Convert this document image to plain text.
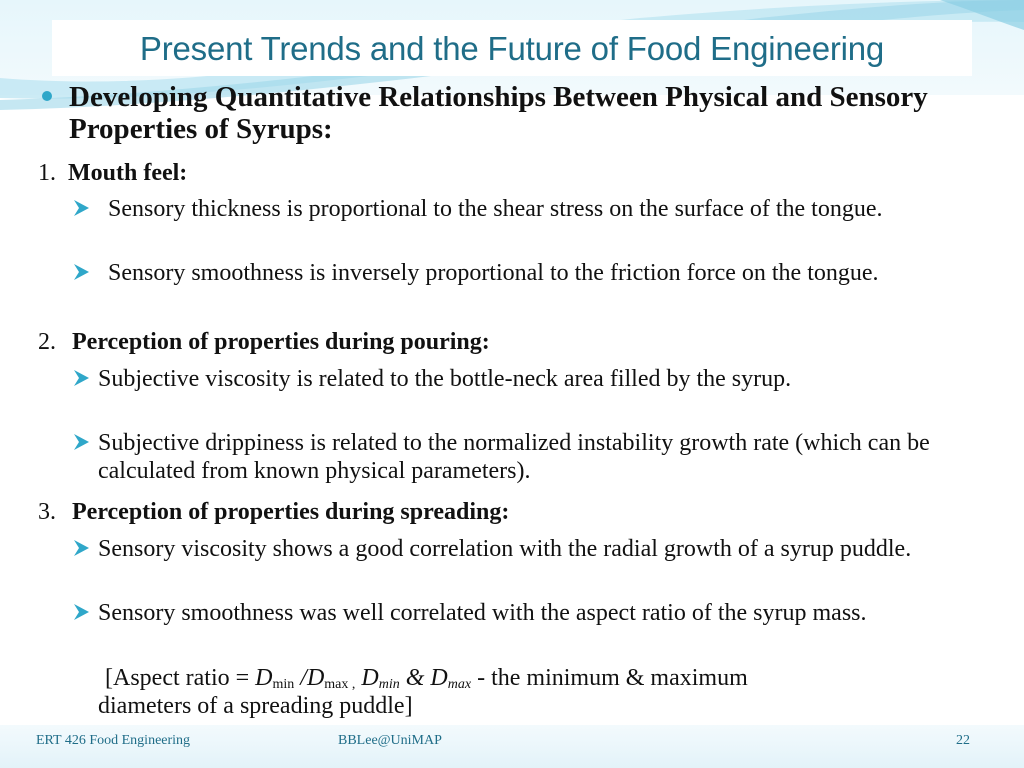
Present Trends and the Future of Food Engineering
Developing Quantitative Relationships Between Physical and Sensory Properties of Syrups:
1. Mouth feel:
Sensory thickness is proportional to the shear stress on the surface of the tongue.
Sensory smoothness is inversely proportional to the friction force on the tongue.
2. Perception of properties during pouring:
Subjective viscosity is related to the bottle-neck area filled by the syrup.
Subjective drippiness is related to the normalized instability growth rate (which can be calculated from known physical parameters).
3. Perception of properties during spreading:
Sensory viscosity shows a good correlation with the radial growth of a syrup puddle.
Sensory smoothness was well correlated with the aspect ratio of the syrup mass.
[Aspect ratio = $D_{min}$ $/D_{max}$ $_,$ $D_{min}$ & $D_{max}$ - the minimum & maximum
diameters of a spreading puddle]
ERT 426 Food Engineering	BBLee@UniMAP	22
